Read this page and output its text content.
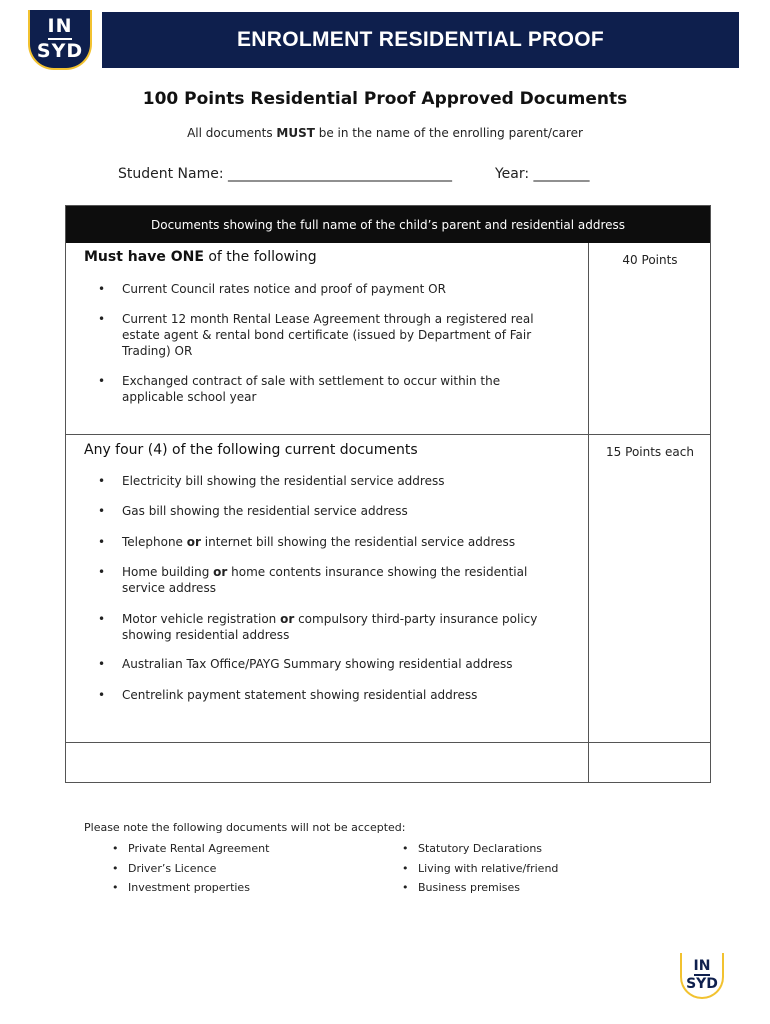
IN
SYD	ENROLMENT RESIDENTIAL PROOF
100 Points Residential Proof Approved Documents
All documents MUST be in the name of the enrolling parent/carer
Student Name: ________________________________	Year: ________
Documents showing the full name of the child’s parent and residential address
Must have ONE of the following	40 Points
• Current Council rates notice and proof of payment OR
• Current 12 month Rental Lease Agreement through a registered real estate agent & rental bond certificate (issued by Department of Fair Trading) OR
• Exchanged contract of sale with settlement to occur within the applicable school year
Any four (4) of the following current documents	15 Points each
• Electricity bill showing the residential service address
• Gas bill showing the residential service address
• Telephone or internet bill showing the residential service address
• Home building or home contents insurance showing the residential service address
• Motor vehicle registration or compulsory third-party insurance policy showing residential address
• Australian Tax Office/PAYG Summary showing residential address
• Centrelink payment statement showing residential address
Please note the following documents will not be accepted:
• Private Rental Agreement
• Driver’s Licence
• Investment properties
• Statutory Declarations
• Living with relative/friend
• Business premises
IN
SYD
